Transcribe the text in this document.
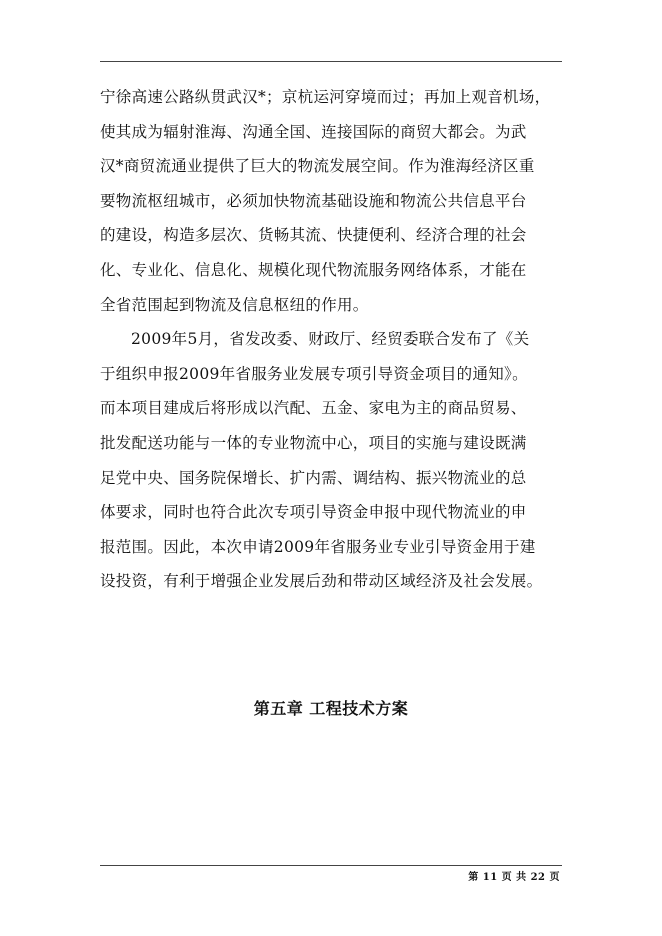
宁徐高速公路纵贯武汉*；京杭运河穿境而过；再加上观音机场，
使其成为辐射淮海、沟通全国、连接国际的商贸大都会。为武
汉*商贸流通业提供了巨大的物流发展空间。作为淮海经济区重
要物流枢纽城市，必须加快物流基础设施和物流公共信息平台
的建设，构造多层次、货畅其流、快捷便利、经济合理的社会
化、专业化、信息化、规模化现代物流服务网络体系，才能在
全省范围起到物流及信息枢纽的作用。
2009年5月，省发改委、财政厅、经贸委联合发布了《关
于组织申报2009年省服务业发展专项引导资金项目的通知》。
而本项目建成后将形成以汽配、五金、家电为主的商品贸易、
批发配送功能与一体的专业物流中心，项目的实施与建设既满
足党中央、国务院保增长、扩内需、调结构、振兴物流业的总
体要求，同时也符合此次专项引导资金申报中现代物流业的申
报范围。因此，本次申请2009年省服务业专业引导资金用于建
设投资，有利于增强企业发展后劲和带动区域经济及社会发展。
第五章 工程技术方案
第 11 页 共 22 页
